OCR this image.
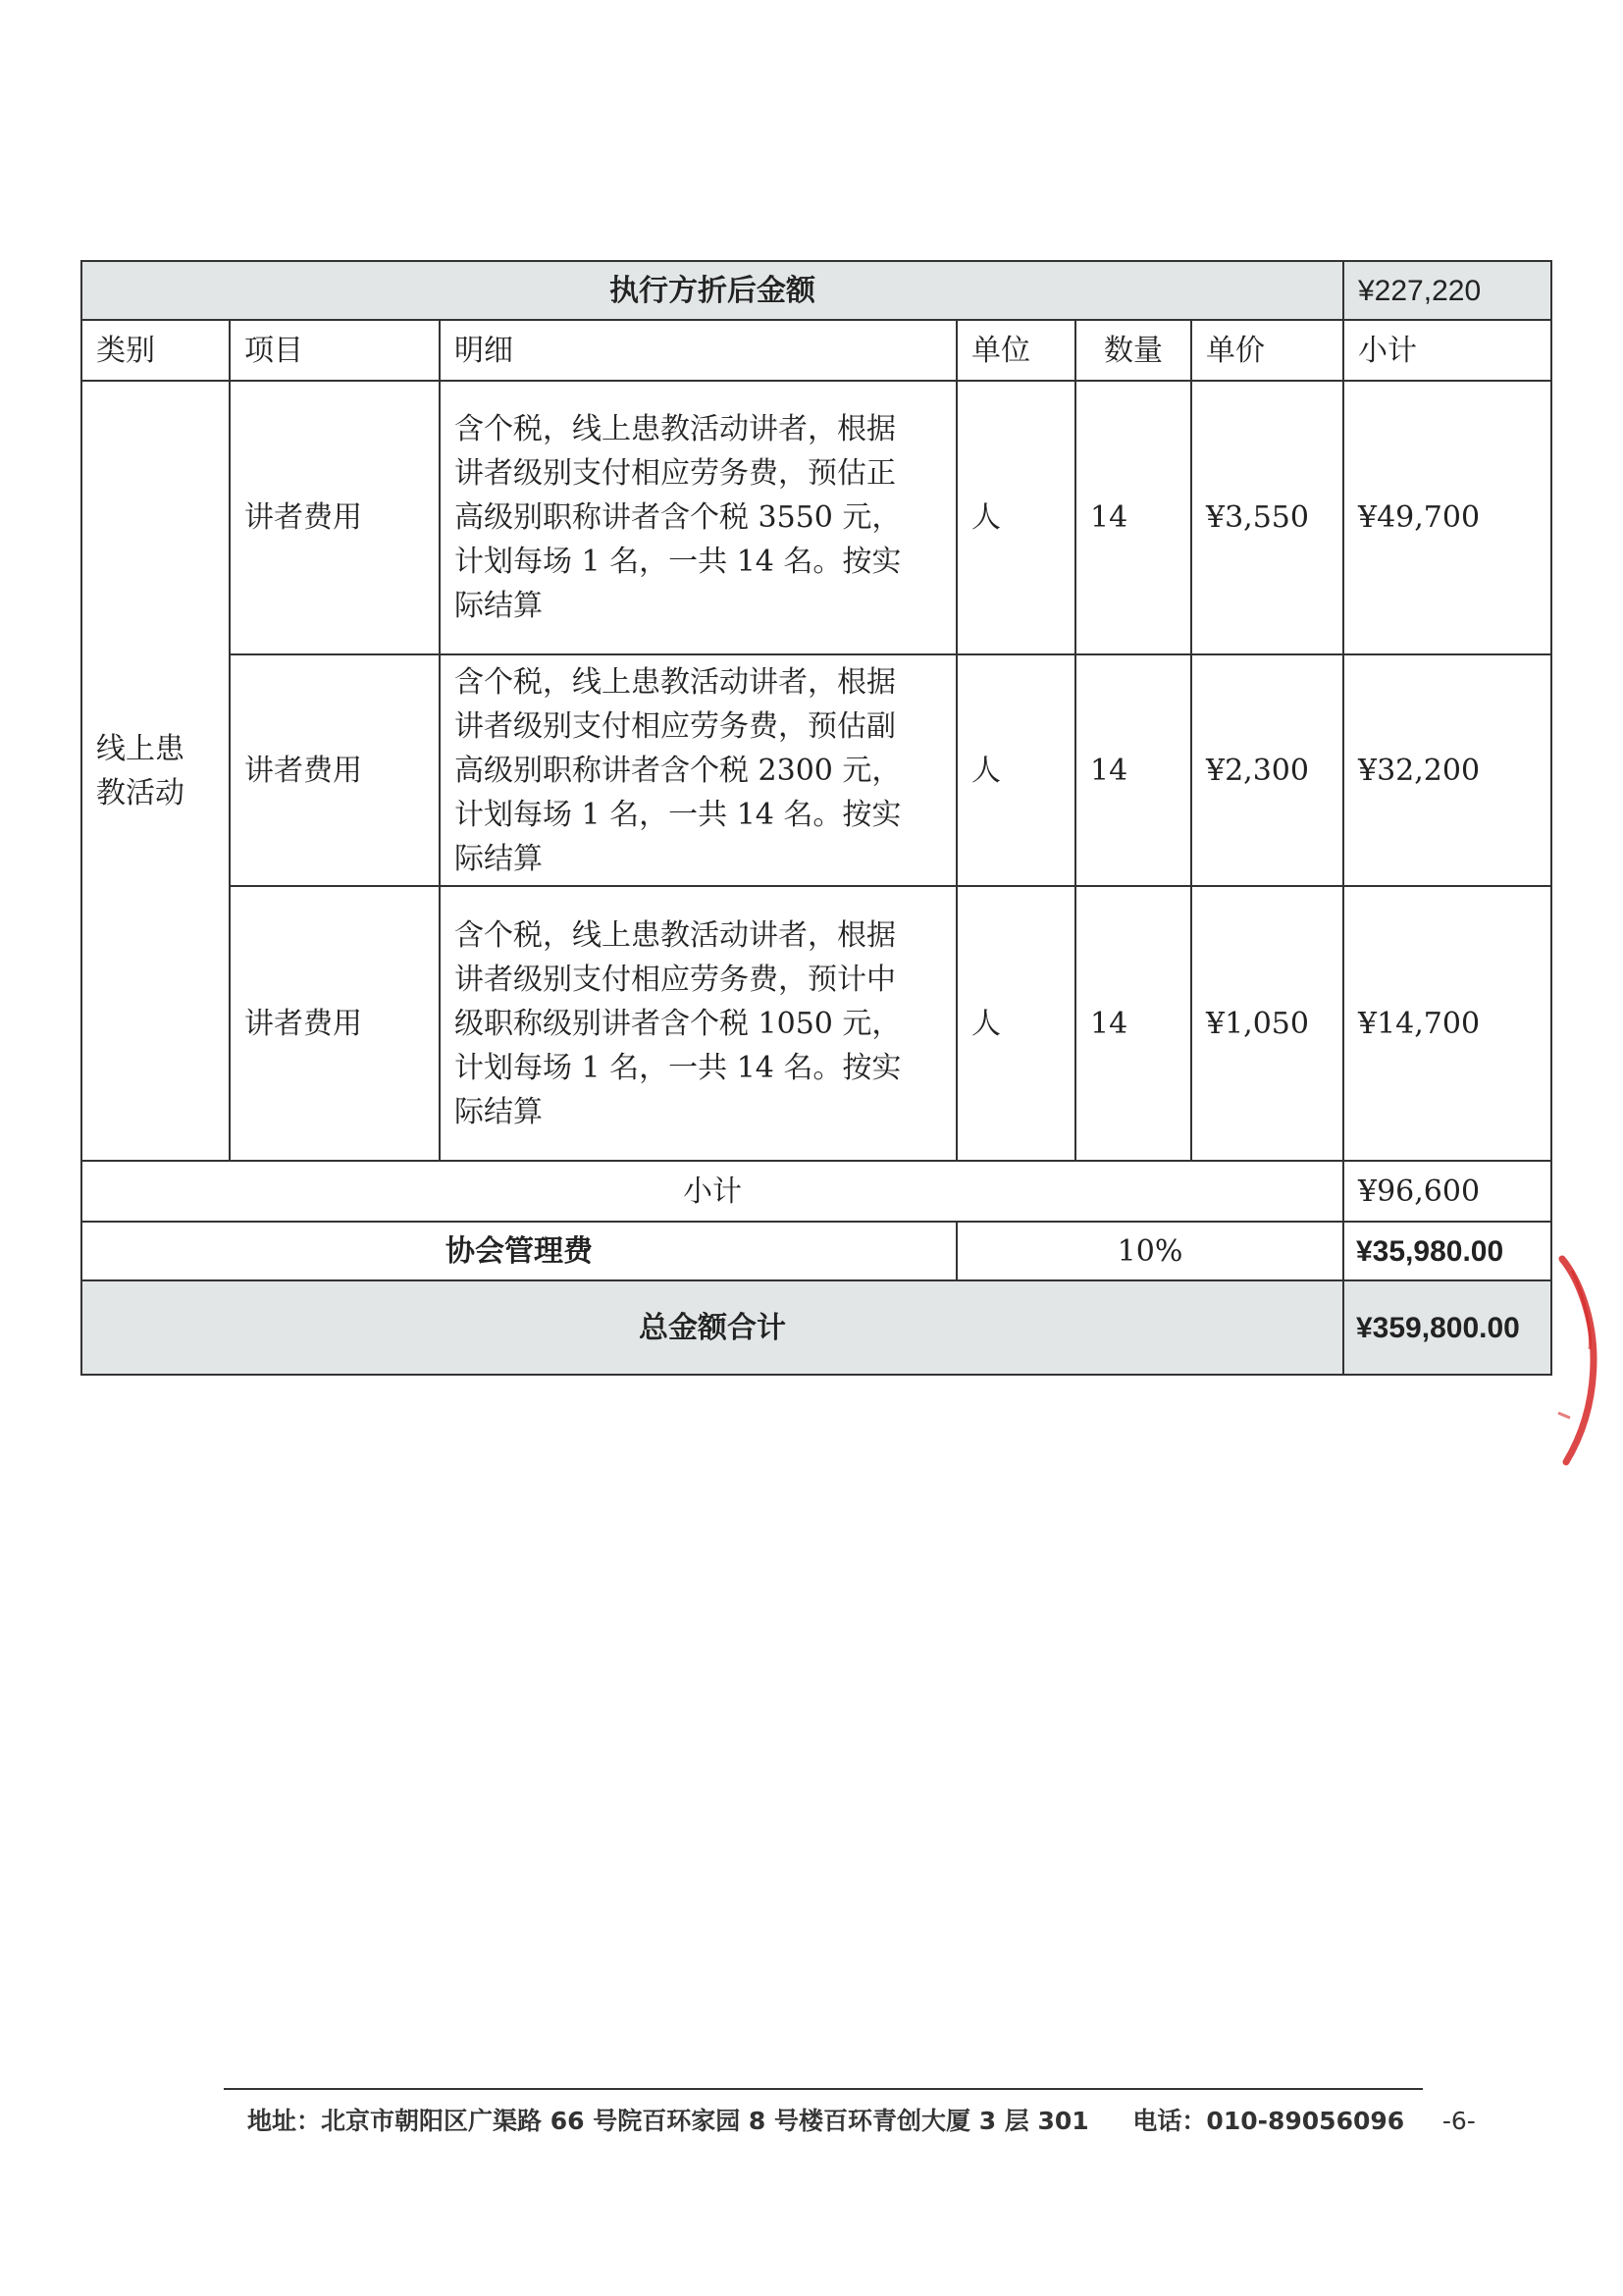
执行方折后金额						¥227,220
类别	项目	明细	单位	数量	单价	小计
线上患
教活动	讲者费用	含个税，线上患教活动讲者，根据
讲者级别支付相应劳务费，预估正
高级别职称讲者含个税 3550 元，
计划每场 1 名，一共 14 名。按实
际结算	人	14	¥3,550	¥49,700
	讲者费用	含个税，线上患教活动讲者，根据
讲者级别支付相应劳务费，预估副
高级别职称讲者含个税 2300 元，
计划每场 1 名，一共 14 名。按实
际结算	人	14	¥2,300	¥32,200
	讲者费用	含个税，线上患教活动讲者，根据
讲者级别支付相应劳务费，预计中
级职称级别讲者含个税 1050 元，
计划每场 1 名，一共 14 名。按实
际结算	人	14	¥1,050	¥14,700
小计						¥96,600
协会管理费			10%			¥35,980.00
总金额合计						¥359,800.00
地址：北京市朝阳区广渠路 66 号院百环家园 8 号楼百环青创大厦 3 层 301 电话：010-89056096 -6-
